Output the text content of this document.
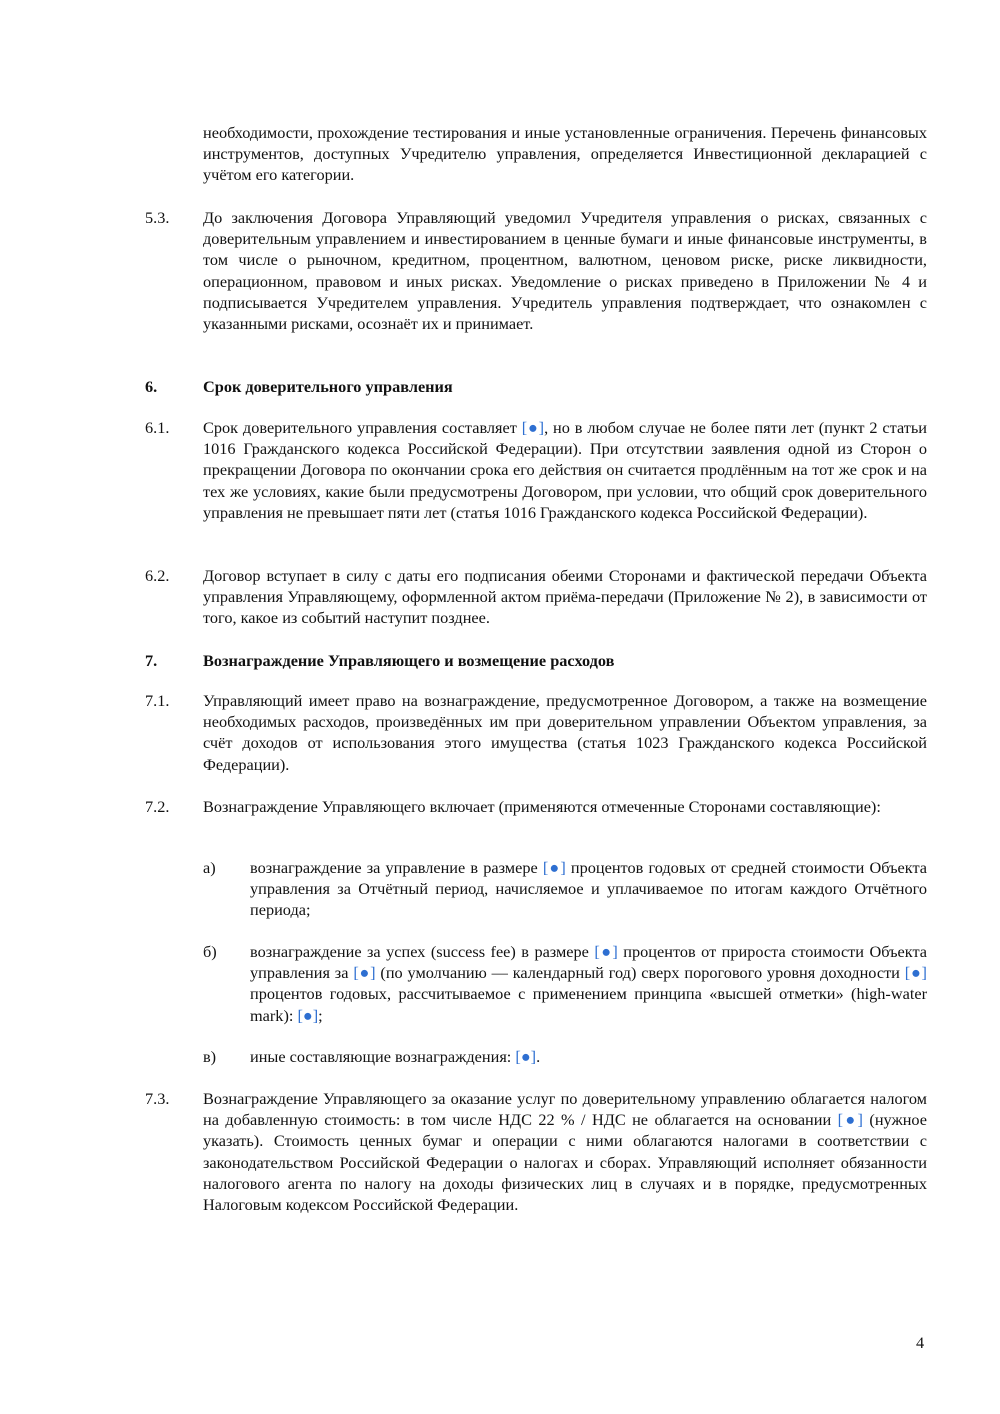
необходимости, прохождение тестирования и иные установленные ограничения. Перечень финансовых инструментов, доступных Учредителю управления, определяется Инвестиционной декларацией с учётом его категории.
5.3. До заключения Договора Управляющий уведомил Учредителя управления о рисках, связанных с доверительным управлением и инвестированием в ценные бумаги и иные финансовые инструменты, в том числе о рыночном, кредитном, процентном, валютном, ценовом риске, риске ликвидности, операционном, правовом и иных рисках. Уведомление о рисках приведено в Приложении № 4 и подписывается Учредителем управления. Учредитель управления подтверждает, что ознакомлен с указанными рисками, осознаёт их и принимает.
6.	Срок доверительного управления
6.1. Срок доверительного управления составляет [●], но в любом случае не более пяти лет (пункт 2 статьи 1016 Гражданского кодекса Российской Федерации). При отсутствии заявления одной из Сторон о прекращении Договора по окончании срока его действия он считается продлённым на тот же срок и на тех же условиях, какие были предусмотрены Договором, при условии, что общий срок доверительного управления не превышает пяти лет (статья 1016 Гражданского кодекса Российской Федерации).
6.2. Договор вступает в силу с даты его подписания обеими Сторонами и фактической передачи Объекта управления Управляющему, оформленной актом приёма-передачи (Приложение № 2), в зависимости от того, какое из событий наступит позднее.
7.	Вознаграждение Управляющего и возмещение расходов
7.1. Управляющий имеет право на вознаграждение, предусмотренное Договором, а также на возмещение необходимых расходов, произведённых им при доверительном управлении Объектом управления, за счёт доходов от использования этого имущества (статья 1023 Гражданского кодекса Российской Федерации).
7.2. Вознаграждение Управляющего включает (применяются отмеченные Сторонами составляющие):
а) вознаграждение за управление в размере [●] процентов годовых от средней стоимости Объекта управления за Отчётный период, начисляемое и уплачиваемое по итогам каждого Отчётного периода;
б) вознаграждение за успех (success fee) в размере [●] процентов от прироста стоимости Объекта управления за [●] (по умолчанию — календарный год) сверх порогового уровня доходности [●] процентов годовых, рассчитываемое с применением принципа «высшей отметки» (high-water mark): [●];
в) иные составляющие вознаграждения: [●].
7.3. Вознаграждение Управляющего за оказание услуг по доверительному управлению облагается налогом на добавленную стоимость: в том числе НДС 22 % / НДС не облагается на основании [●] (нужное указать). Стоимость ценных бумаг и операции с ними облагаются налогами в соответствии с законодательством Российской Федерации о налогах и сборах. Управляющий исполняет обязанности налогового агента по налогу на доходы физических лиц в случаях и в порядке, предусмотренных Налоговым кодексом Российской Федерации.
4
